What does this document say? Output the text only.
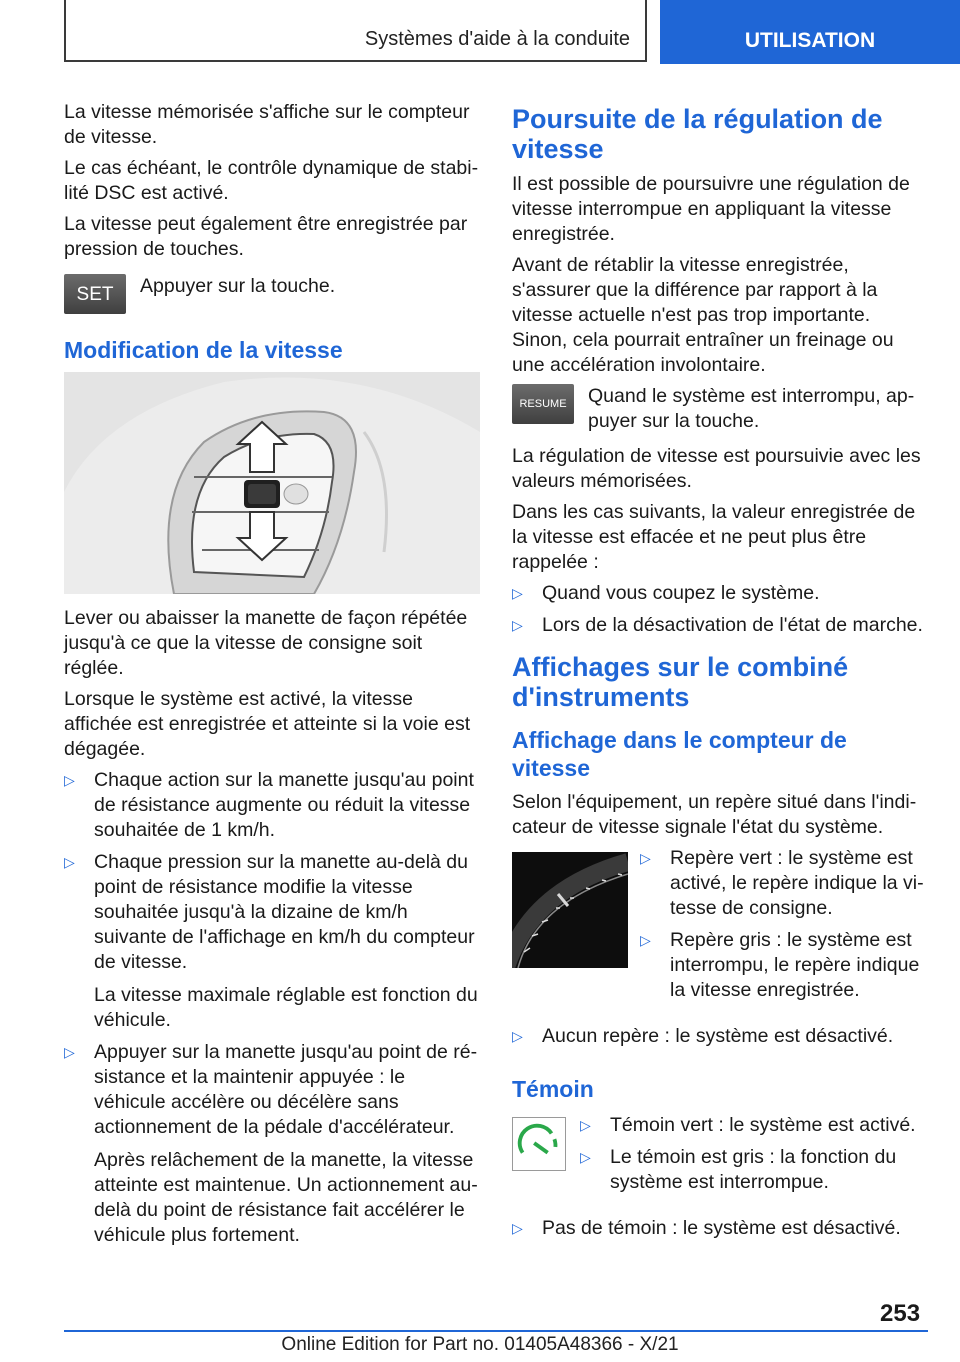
Systèmes d'aide à la conduite	UTILISATION

La vitesse mémorisée s'affiche sur le compteur de vitesse.

Le cas échéant, le contrôle dynamique de stabilité DSC est activé.

La vitesse peut également être enregistrée par pression de touches.

SET	Appuyer sur la touche.
Modification de la vitesse

Lever ou abaisser la manette de façon répétée jusqu'à ce que la vitesse de consigne soit réglée.

Lorsque le système est activé, la vitesse affichée est enregistrée et atteinte si la voie est dégagée.

▷ Chaque action sur la manette jusqu'au point de résistance augmente ou réduit la vitesse souhaitée de 1 km/h.
▷ Chaque pression sur la manette au-delà du point de résistance modifie la vitesse souhaitée jusqu'à la dizaine de km/h suivante de l'affichage en km/h du compteur de vitesse.

La vitesse maximale réglable est fonction du véhicule.

▷ Appuyer sur la manette jusqu'au point de résistance et la maintenir appuyée : le véhicule accélère ou décélère sans actionnement de la pédale d'accélérateur.

Après relâchement de la manette, la vitesse atteinte est maintenue. Un actionnement au-delà du point de résistance fait accélérer le véhicule plus fortement.

Poursuite de la régulation de vitesse

Il est possible de poursuivre une régulation de vitesse interrompue en appliquant la vitesse enregistrée.

Avant de rétablir la vitesse enregistrée, s'assurer que la différence par rapport à la vitesse actuelle n'est pas trop importante. Sinon, cela pourrait entraîner un freinage ou une accélération involontaire.

RESUME	Quand le système est interrompu, appuyer sur la touche.

La régulation de vitesse est poursuivie avec les valeurs mémorisées.

Dans les cas suivants, la valeur enregistrée de la vitesse est effacée et ne peut plus être rappelée :

▷ Quand vous coupez le système.
▷ Lors de la désactivation de l'état de marche.
Affichages sur le combiné d'instruments
Affichage dans le compteur de vitesse

Selon l'équipement, un repère situé dans l'indicateur de vitesse signale l'état du système.

▷ Repère vert : le système est activé, le repère indique la vitesse de consigne.
▷ Repère gris : le système est interrompu, le repère indique la vitesse enregistrée.
▷ Aucun repère : le système est désactivé.
Témoin
▷ Témoin vert : le système est activé.
▷ Le témoin est gris : la fonction du système est interrompue.
▷ Pas de témoin : le système est désactivé.
253
Online Edition for Part no. 01405A48366 - X/21
